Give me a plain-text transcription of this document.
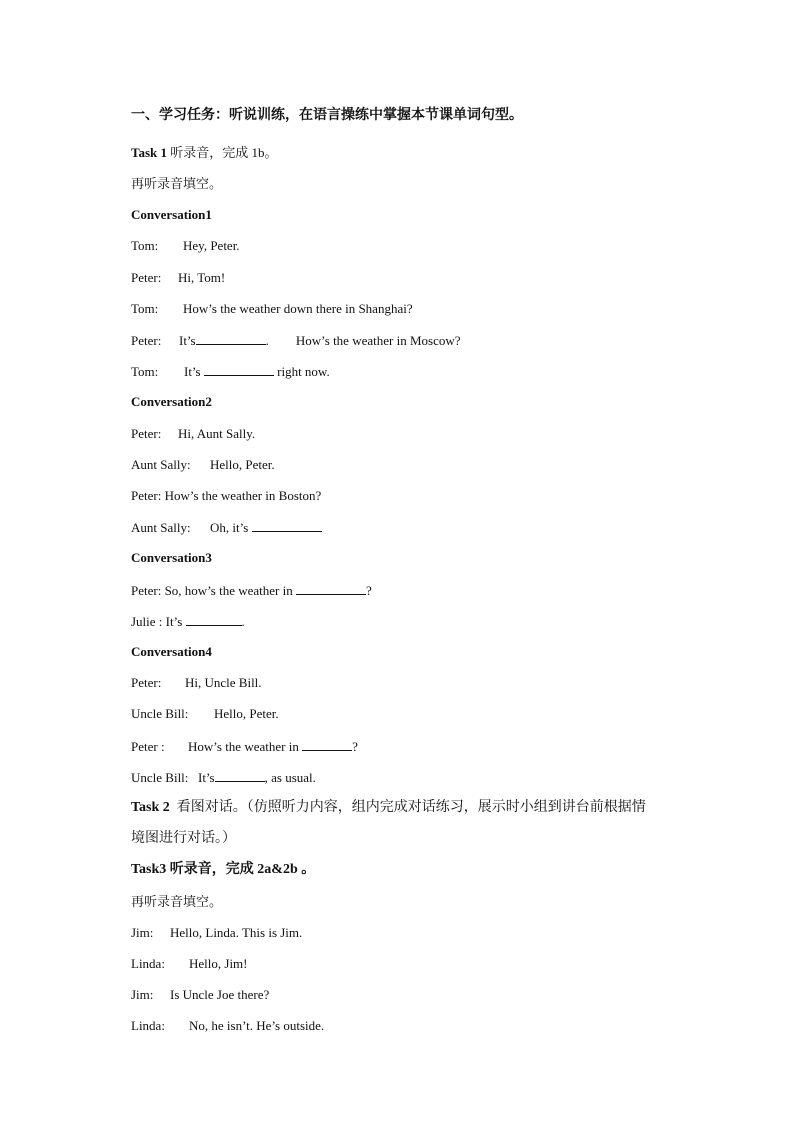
一、学习任务：听说训练，在语言操练中掌握本节课单词句型。
Task 1 听录音，完成 1b。
再听录音填空。
Conversation1
Tom: Hey, Peter.
Peter: Hi, Tom!
Tom: How’s the weather down there in Shanghai?
Peter: It’s	. How’s the weather in Moscow?
Tom: It’s	right now.
Conversation2
Peter: Hi, Aunt Sally.
Aunt Sally: Hello, Peter.
Peter: How’s the weather in Boston?
Aunt Sally: Oh, it’s
Conversation3
Peter: So, how’s the weather in	?
Julie : It’s	.
Conversation4
Peter: Hi, Uncle Bill.
Uncle Bill: Hello, Peter.
Peter : How’s the weather in	?
Uncle Bill: It’s	, as usual.
Task 2  看图对话。（仿照听力内容，组内完成对话练习，展示时小组到讲台前根据情
境图进行对话。）
Task3 听录音，完成 2a&2b 。
再听录音填空。
Jim: Hello, Linda. This is Jim.
Linda: Hello, Jim!
Jim: Is Uncle Joe there?
Linda: No, he isn’t. He’s outside.
